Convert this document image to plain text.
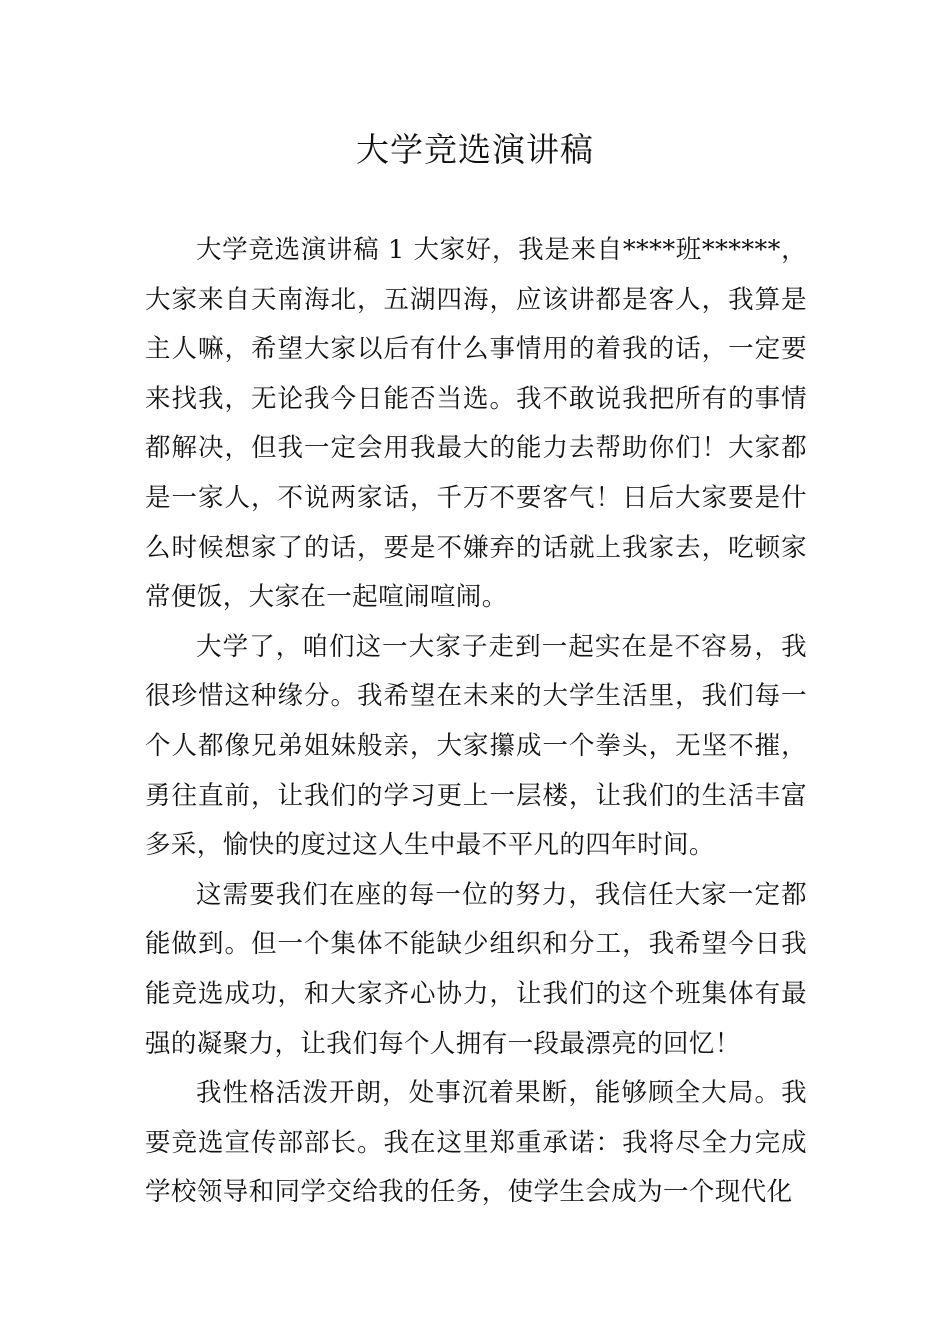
大学竞选演讲稿

大学竞选演讲稿 1 大家好，我是来自****班******，大家来自天南海北，五湖四海，应该讲都是客人，我算是主人嘛，希望大家以后有什么事情用的着我的话，一定要来找我，无论我今日能否当选。我不敢说我把所有的事情都解决，但我一定会用我最大的能力去帮助你们！大家都是一家人，不说两家话，千万不要客气！日后大家要是什么时候想家了的话，要是不嫌弃的话就上我家去，吃顿家常便饭，大家在一起喧闹喧闹。

大学了，咱们这一大家子走到一起实在是不容易，我很珍惜这种缘分。我希望在未来的大学生活里，我们每一个人都像兄弟姐妹般亲，大家攥成一个拳头，无坚不摧，勇往直前，让我们的学习更上一层楼，让我们的生活丰富多采，愉快的度过这人生中最不平凡的四年时间。

这需要我们在座的每一位的努力，我信任大家一定都能做到。但一个集体不能缺少组织和分工，我希望今日我能竞选成功，和大家齐心协力，让我们的这个班集体有最强的凝聚力，让我们每个人拥有一段最漂亮的回忆！

我性格活泼开朗，处事沉着果断，能够顾全大局。我要竞选宣传部部长。我在这里郑重承诺：我将尽全力完成学校领导和同学交给我的任务，使学生会成为一个现代化
